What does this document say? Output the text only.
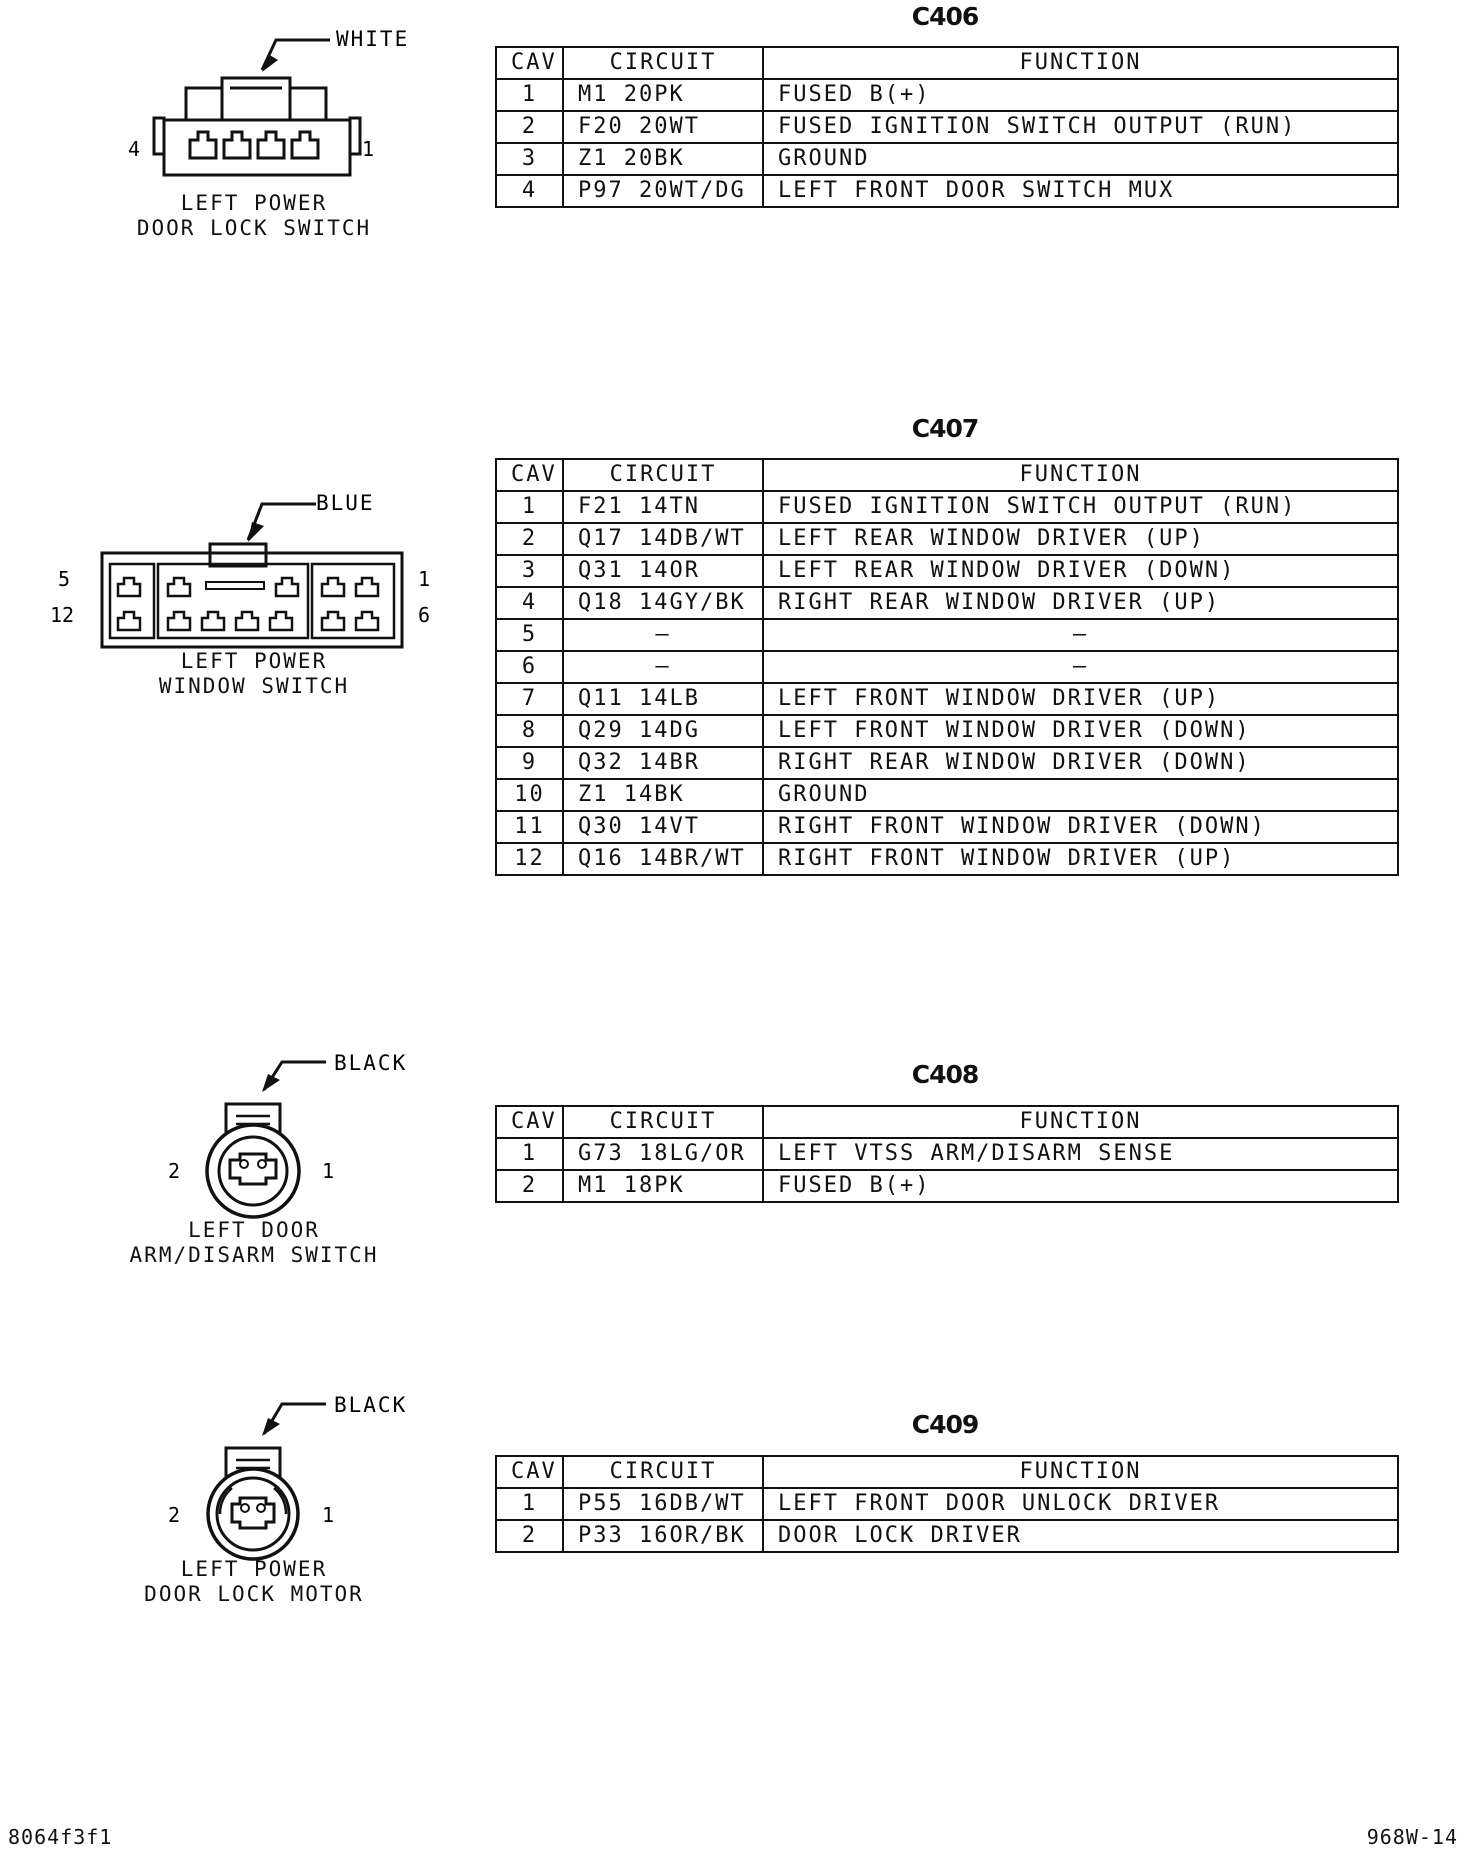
C406
WHITE
4	1
LEFT POWER
DOOR LOCK SWITCH
CAV	CIRCUIT	FUNCTION
1	M1 20PK	FUSED B(+)
2	F20 20WT	FUSED IGNITION SWITCH OUTPUT (RUN)
3	Z1 20BK	GROUND
4	P97 20WT/DG	LEFT FRONT DOOR SWITCH MUX
C407
BLUE
5
12
1
6
LEFT POWER
WINDOW SWITCH
CAV	CIRCUIT	FUNCTION
1	F21 14TN	FUSED IGNITION SWITCH OUTPUT (RUN)
2	Q17 14DB/WT	LEFT REAR WINDOW DRIVER (UP)
3	Q31 14OR	LEFT REAR WINDOW DRIVER (DOWN)
4	Q18 14GY/BK	RIGHT REAR WINDOW DRIVER (UP)
5	–	–
6	–	–
7	Q11 14LB	LEFT FRONT WINDOW DRIVER (UP)
8	Q29 14DG	LEFT FRONT WINDOW DRIVER (DOWN)
9	Q32 14BR	RIGHT REAR WINDOW DRIVER (DOWN)
10	Z1 14BK	GROUND
11	Q30 14VT	RIGHT FRONT WINDOW DRIVER (DOWN)
12	Q16 14BR/WT	RIGHT FRONT WINDOW DRIVER (UP)
C408
BLACK
2	1
LEFT DOOR
ARM/DISARM SWITCH
CAV	CIRCUIT	FUNCTION
1	G73 18LG/OR	LEFT VTSS ARM/DISARM SENSE
2	M1 18PK	FUSED B(+)
C409
BLACK
2	1
LEFT POWER
DOOR LOCK MOTOR
CAV	CIRCUIT	FUNCTION
1	P55 16DB/WT	LEFT FRONT DOOR UNLOCK DRIVER
2	P33 16OR/BK	DOOR LOCK DRIVER
8064f3f1	968W-14
